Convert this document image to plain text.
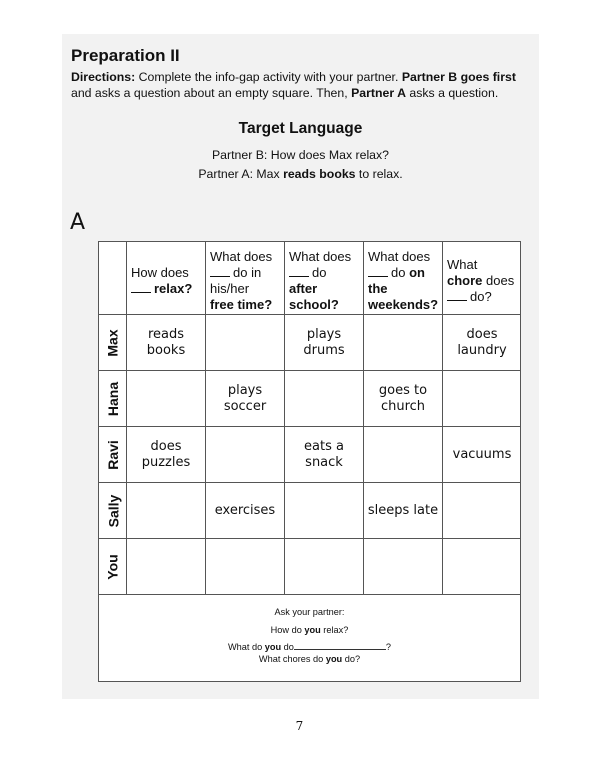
Preparation II
Directions: Complete the info-gap activity with your partner. Partner B goes first and asks a question about an empty square. Then, Partner A asks a question.
Target Language
Partner B: How does Max relax?
Partner A: Max reads books to relax.
A
How does
relax?
What does
do in
his/her
free time?
What does
do
after
school?
What does
do on
the
weekends?
What
chore does
do?
Max
Hana
Ravi
Sally
You
reads books
plays drums
does laundry
plays soccer
goes to church
does puzzles
eats a snack
vacuums
exercises	sleeps late
Ask your partner:
How do you relax?
What do you do	?
What chores do you do?
7
